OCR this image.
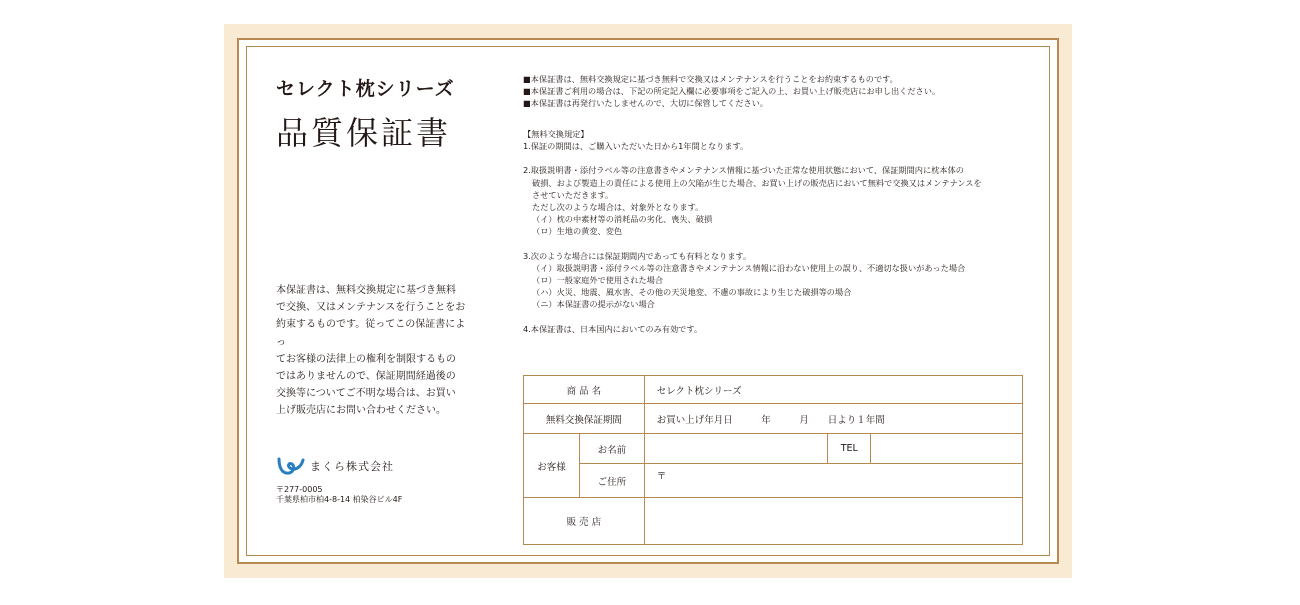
セレクト枕シリーズ
品質保証書
本保証書は、無料交換規定に基づき無料
で交換、又はメンテナンスを行うことをお
約束するものです。従ってこの保証書によっ
てお客様の法律上の権利を制限するもの
ではありませんので、保証期間経過後の
交換等についてご不明な場合は、お買い
上げ販売店にお問い合わせください。
まくら株式会社
〒277-0005
千葉県柏市柏4-8-14 柏染谷ビル4F
■本保証書は、無料交換規定に基づき無料で交換又はメンテナンスを行うことをお約束するものです。
■本保証書ご利用の場合は、下記の所定記入欄に必要事項をご記入の上、お買い上げ販売店にお申し出ください。
■本保証書は再発行いたしませんので、大切に保管してください。
【無料交換規定】
1.保証の期間は、ご購入いただいた日から1年間となります。
2.取扱説明書・添付ラベル等の注意書きやメンテナンス情報に基づいた正常な使用状態において、保証期間内に枕本体の
破損、および製造上の責任による使用上の欠陥が生じた場合、お買い上げの販売店において無料で交換又はメンテナンスを
させていただきます。
ただし次のような場合は、対象外となります。
（イ）枕の中素材等の消耗品の劣化、喪失、破損
（ロ）生地の黄変、変色
3.次のような場合には保証期間内であっても有料となります。
（イ）取扱説明書・添付ラベル等の注意書きやメンテナンス情報に沿わない使用上の誤り、不適切な扱いがあった場合
（ロ）一般家庭外で使用された場合
（ハ）火災、地震、風水害、その他の天災地変、不慮の事故により生じた破損等の場合
（ニ）本保証書の提示がない場合
4.本保証書は、日本国内においてのみ有効です。
商 品 名		セレクト枕シリーズ		
無料交換保証期間		お買い上げ年月日　　　年　　　月　　日より１年間		
お客様	お名前		TEL	
	ご住所	〒		
販 売 店				
